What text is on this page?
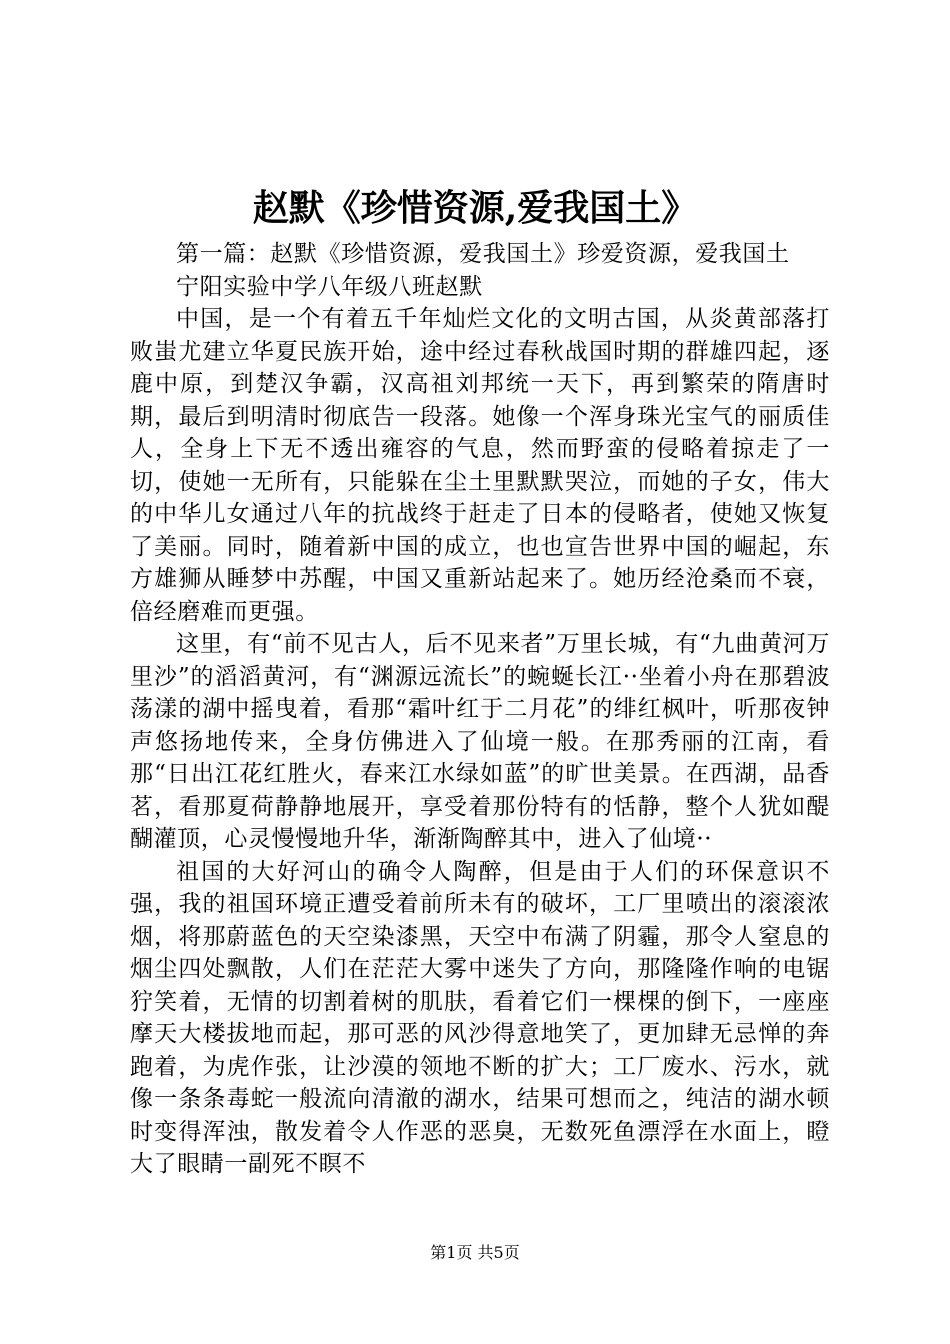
赵默《珍惜资源,爱我国土》

第一篇：赵默《珍惜资源，爱我国土》珍爱资源，爱我国土

宁阳实验中学八年级八班赵默

中国，是一个有着五千年灿烂文化的文明古国，从炎黄部落打败蚩尤建立华夏民族开始，途中经过春秋战国时期的群雄四起，逐鹿中原，到楚汉争霸，汉高祖刘邦统一天下，再到繁荣的隋唐时期，最后到明清时彻底告一段落。她像一个浑身珠光宝气的丽质佳人，全身上下无不透出雍容的气息，然而野蛮的侵略着掠走了一切，使她一无所有，只能躲在尘土里默默哭泣，而她的子女，伟大的中华儿女通过八年的抗战终于赶走了日本的侵略者，使她又恢复了美丽。同时，随着新中国的成立，也也宣告世界中国的崛起，东方雄狮从睡梦中苏醒，中国又重新站起来了。她历经沧桑而不衰，倍经磨难而更强。

这里，有“前不见古人，后不见来者”万里长城，有“九曲黄河万里沙”的滔滔黄河，有“渊源远流长”的蜿蜒长江··坐着小舟在那碧波荡漾的湖中摇曳着，看那“霜叶红于二月花”的绯红枫叶，听那夜钟声悠扬地传来，全身仿佛进入了仙境一般。在那秀丽的江南，看那“日出江花红胜火，春来江水绿如蓝”的旷世美景。在西湖，品香茗，看那夏荷静静地展开，享受着那份特有的恬静，整个人犹如醍醐灌顶，心灵慢慢地升华，渐渐陶醉其中，进入了仙境··

祖国的大好河山的确令人陶醉，但是由于人们的环保意识不强，我的祖国环境正遭受着前所未有的破坏，工厂里喷出的滚滚浓烟，将那蔚蓝色的天空染漆黑，天空中布满了阴霾，那令人窒息的烟尘四处飘散，人们在茫茫大雾中迷失了方向，那隆隆作响的电锯狞笑着，无情的切割着树的肌肤，看着它们一棵棵的倒下，一座座摩天大楼拔地而起，那可恶的风沙得意地笑了，更加肆无忌惮的奔跑着，为虎作张，让沙漠的领地不断的扩大；工厂废水、污水，就像一条条毒蛇一般流向清澈的湖水，结果可想而之，纯洁的湖水顿时变得浑浊，散发着令人作恶的恶臭，无数死鱼漂浮在水面上，瞪大了眼睛一副死不瞑不

第1页 共5页
